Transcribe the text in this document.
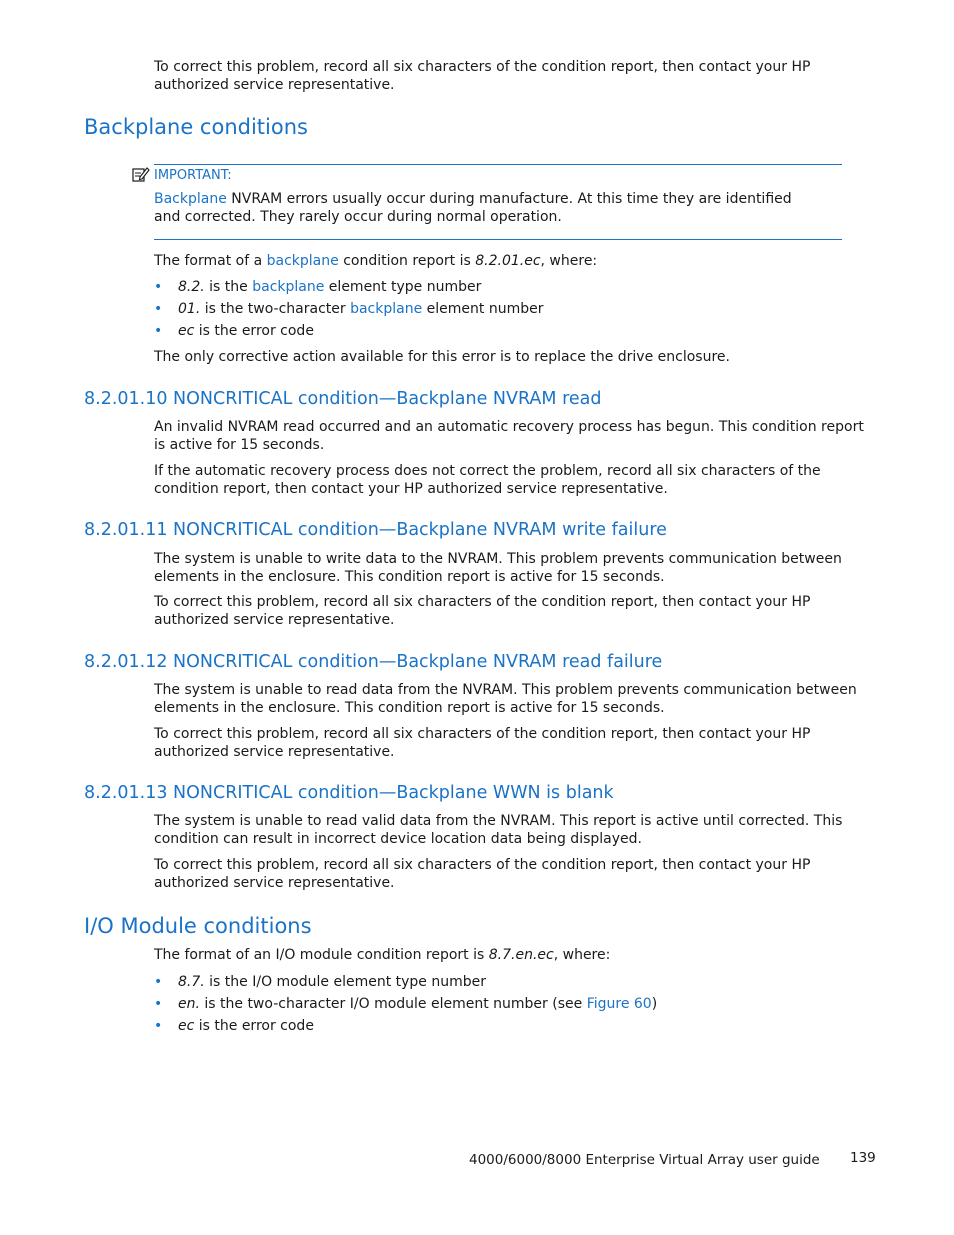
To correct this problem, record all six characters of the condition report, then contact your HP authorized service representative.

Backplane conditions
IMPORTANT:

Backplane NVRAM errors usually occur during manufacture. At this time they are identified and corrected. They rarely occur during normal operation.

The format of a backplane condition report is 8.2.01.ec, where:

• 8.2. is the backplane element type number
• 01. is the two-character backplane element number
• ec is the error code

The only corrective action available for this error is to replace the drive enclosure.

8.2.01.10 NONCRITICAL condition—Backplane NVRAM read

An invalid NVRAM read occurred and an automatic recovery process has begun. This condition report is active for 15 seconds.

If the automatic recovery process does not correct the problem, record all six characters of the condition report, then contact your HP authorized service representative.

8.2.01.11 NONCRITICAL condition—Backplane NVRAM write failure

The system is unable to write data to the NVRAM. This problem prevents communication between elements in the enclosure. This condition report is active for 15 seconds.

To correct this problem, record all six characters of the condition report, then contact your HP authorized service representative.

8.2.01.12 NONCRITICAL condition—Backplane NVRAM read failure

The system is unable to read data from the NVRAM. This problem prevents communication between elements in the enclosure. This condition report is active for 15 seconds.

To correct this problem, record all six characters of the condition report, then contact your HP authorized service representative.

8.2.01.13 NONCRITICAL condition—Backplane WWN is blank

The system is unable to read valid data from the NVRAM. This report is active until corrected. This condition can result in incorrect device location data being displayed.

To correct this problem, record all six characters of the condition report, then contact your HP authorized service representative.

I/O Module conditions

The format of an I/O module condition report is 8.7.en.ec, where:

• 8.7. is the I/O module element type number
• en. is the two-character I/O module element number (see Figure 60)
• ec is the error code
4000/6000/8000 Enterprise Virtual Array user guide 139
